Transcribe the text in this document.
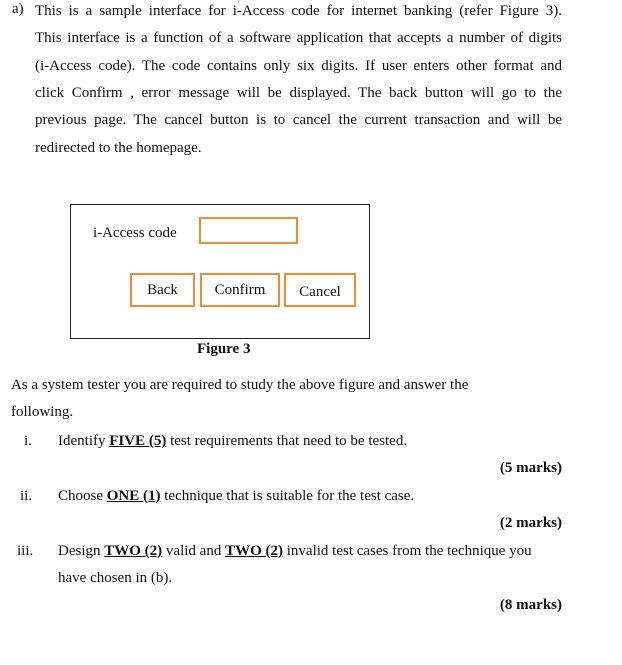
a) This is a sample interface for i-Access code for internet banking (refer Figure 3).
This interface is a function of a software application that accepts a number of digits
(i-Access code). The code contains only six digits. If user enters other format and
click Confirm , error message will be displayed. The back button will go to the
previous page. The cancel button is to cancel the current transaction and will be
redirected to the homepage.
i-Access code
Back	Confirm	Cancel
Figure 3
As a system tester you are required to study the above figure and answer the
following.
i. Identify FIVE (5) test requirements that need to be tested.
(5 marks)
ii. Choose ONE (1) technique that is suitable for the test case.
(2 marks)
iii. Design TWO (2) valid and TWO (2) invalid test cases from the technique you
have chosen in (b).
(8 marks)
